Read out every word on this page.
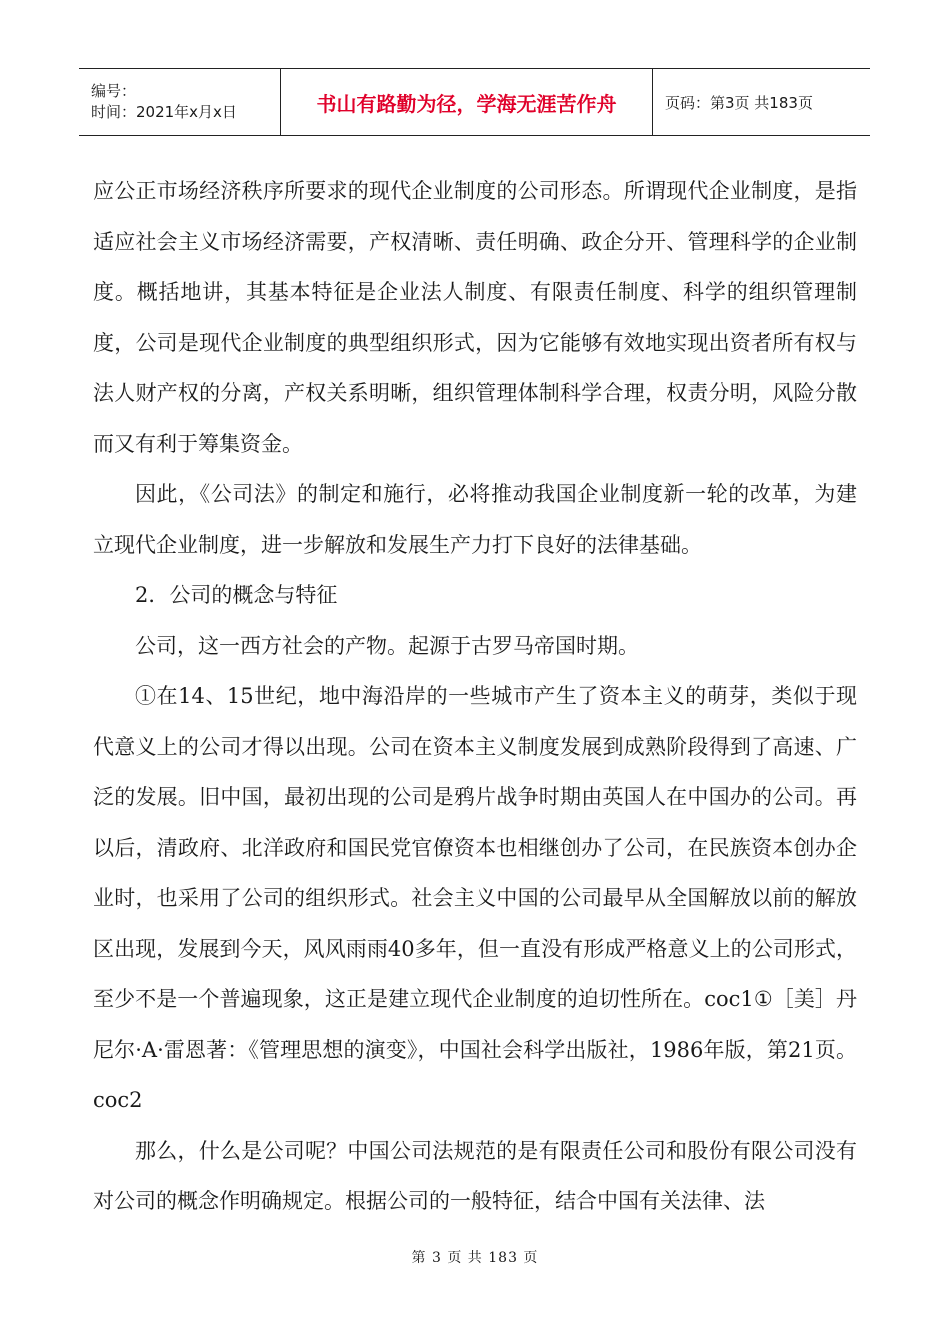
编号：
时间：2021年x月x日	书山有路勤为径，学海无涯苦作舟	页码：第3页 共183页

应公正市场经济秩序所要求的现代企业制度的公司形态。所谓现代企业制度，是指适应社会主义市场经济需要，产权清晰、责任明确、政企分开、管理科学的企业制度。概括地讲，其基本特征是企业法人制度、有限责任制度、科学的组织管理制度，公司是现代企业制度的典型组织形式，因为它能够有效地实现出资者所有权与法人财产权的分离，产权关系明晰，组织管理体制科学合理，权责分明，风险分散而又有利于筹集资金。

因此，《公司法》的制定和施行，必将推动我国企业制度新一轮的改革，为建立现代企业制度，进一步解放和发展生产力打下良好的法律基础。

2．公司的概念与特征

公司，这一西方社会的产物。起源于古罗马帝国时期。

①在14、15世纪，地中海沿岸的一些城市产生了资本主义的萌芽，类似于现代意义上的公司才得以出现。公司在资本主义制度发展到成熟阶段得到了高速、广泛的发展。旧中国，最初出现的公司是鸦片战争时期由英国人在中国办的公司。再以后，清政府、北洋政府和国民党官僚资本也相继创办了公司，在民族资本创办企业时，也采用了公司的组织形式。社会主义中国的公司最早从全国解放以前的解放区出现，发展到今天，风风雨雨40多年，但一直没有形成严格意义上的公司形式，至少不是一个普遍现象，这正是建立现代企业制度的迫切性所在。coc1①［美］丹尼尔·A·雷恩著：《管理思想的演变》，中国社会科学出版社，1986年版，第21页。coc2

那么，什么是公司呢？中国公司法规范的是有限责任公司和股份有限公司没有对公司的概念作明确规定。根据公司的一般特征，结合中国有关法律、法

第 3 页 共 183 页
